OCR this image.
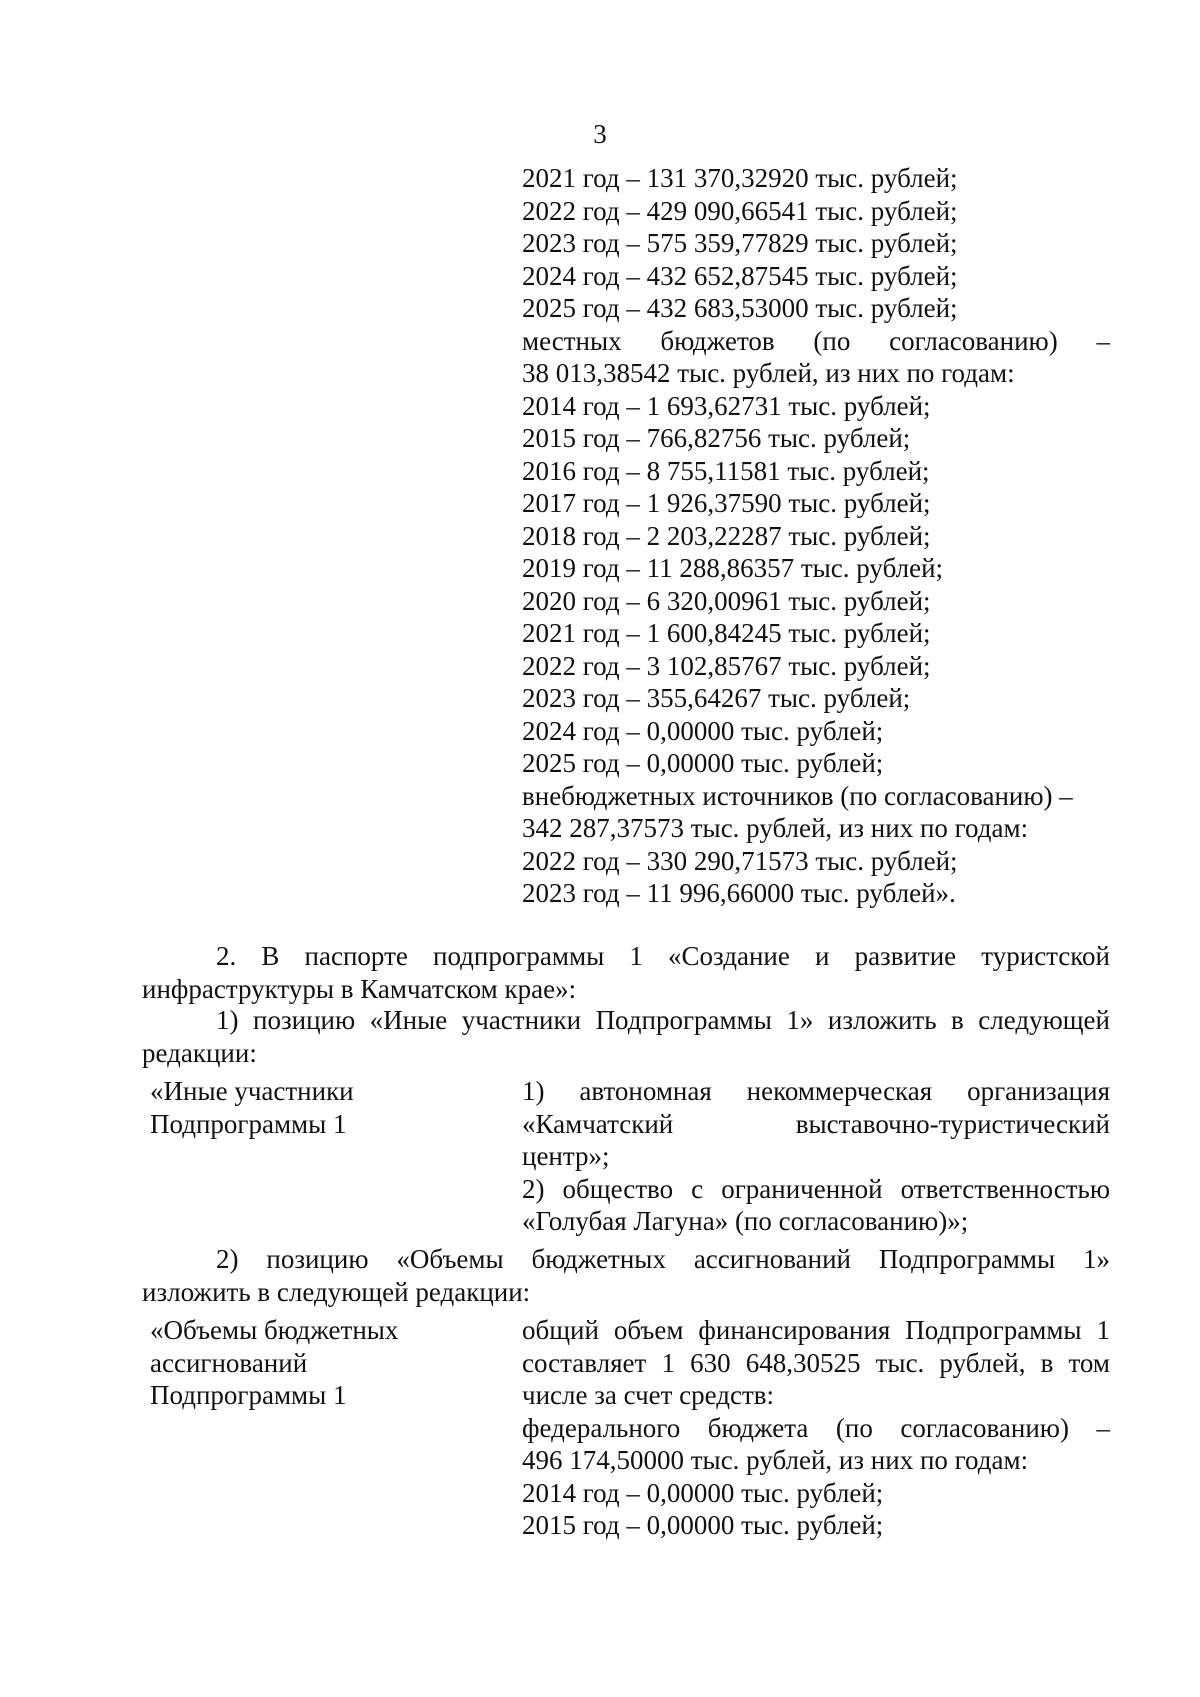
3
2021 год – 131 370,32920 тыс. рублей;
2022 год – 429 090,66541 тыс. рублей;
2023 год – 575 359,77829 тыс. рублей;
2024 год – 432 652,87545 тыс. рублей;
2025 год – 432 683,53000 тыс. рублей;
местных бюджетов (по согласованию) –
38 013,38542 тыс. рублей, из них по годам:
2014 год – 1 693,62731 тыс. рублей;
2015 год – 766,82756 тыс. рублей;
2016 год – 8 755,11581 тыс. рублей;
2017 год – 1 926,37590 тыс. рублей;
2018 год – 2 203,22287 тыс. рублей;
2019 год – 11 288,86357 тыс. рублей;
2020 год – 6 320,00961 тыс. рублей;
2021 год – 1 600,84245 тыс. рублей;
2022 год – 3 102,85767 тыс. рублей;
2023 год – 355,64267 тыс. рублей;
2024 год – 0,00000 тыс. рублей;
2025 год – 0,00000 тыс. рублей;
внебюджетных источников (по согласованию) –
342 287,37573 тыс. рублей, из них по годам:
2022 год – 330 290,71573 тыс. рублей;
2023 год – 11 996,66000 тыс. рублей».
2. В паспорте подпрограммы 1 «Создание и развитие туристской
инфраструктуры в Камчатском крае»:
1) позицию «Иные участники Подпрограммы 1» изложить в следующей
редакции:
«Иные участники
Подпрограммы 1
1) автономная некоммерческая организация
«Камчатский выставочно-туристический
центр»;
2) общество с ограниченной ответственностью
«Голубая Лагуна» (по согласованию)»;
2) позицию «Объемы бюджетных ассигнований Подпрограммы 1»
изложить в следующей редакции:
«Объемы бюджетных
ассигнований
Подпрограммы 1
общий объем финансирования Подпрограммы 1
составляет 1 630 648,30525 тыс. рублей, в том
числе за счет средств:
федерального бюджета (по согласованию) –
496 174,50000 тыс. рублей, из них по годам:
2014 год – 0,00000 тыс. рублей;
2015 год – 0,00000 тыс. рублей;
